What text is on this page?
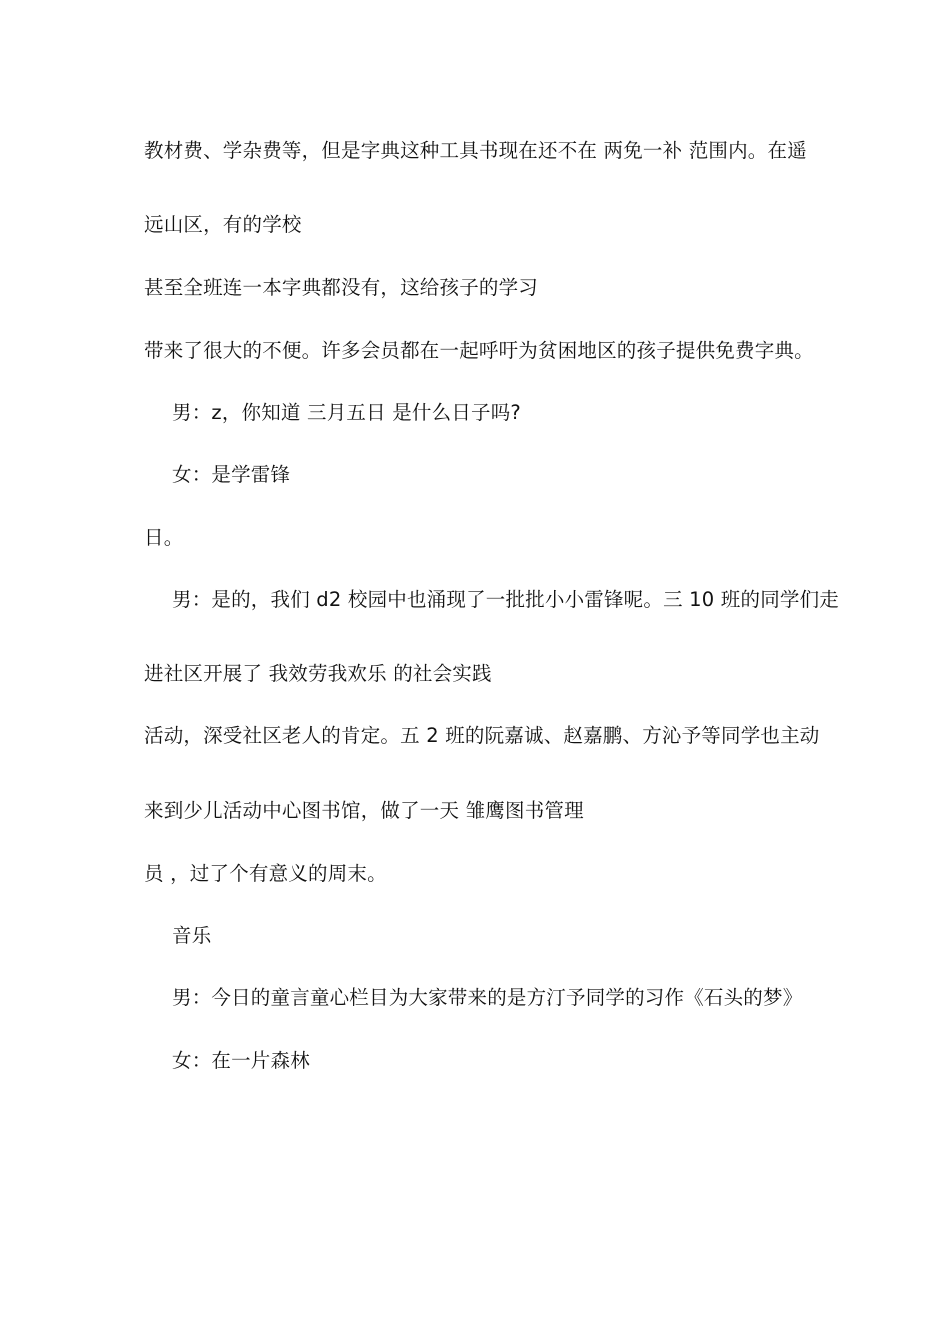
教材费、学杂费等，但是字典这种工具书现在还不在 两免一补 范围内。在遥
远山区，有的学校
甚至全班连一本字典都没有，这给孩子的学习
带来了很大的不便。许多会员都在一起呼吁为贫困地区的孩子提供免费字典。
男：z，你知道 三月五日 是什么日子吗?
女：是学雷锋
日。
男：是的，我们 d2 校园中也涌现了一批批小小雷锋呢。三 10 班的同学们走
进社区开展了 我效劳我欢乐 的社会实践
活动，深受社区老人的肯定。五 2 班的阮嘉诚、赵嘉鹏、方沁予等同学也主动
来到少儿活动中心图书馆，做了一天 雏鹰图书管理
员 ，过了个有意义的周末。
音乐
男：今日的童言童心栏目为大家带来的是方汀予同学的习作《石头的梦》
女：在一片森林
